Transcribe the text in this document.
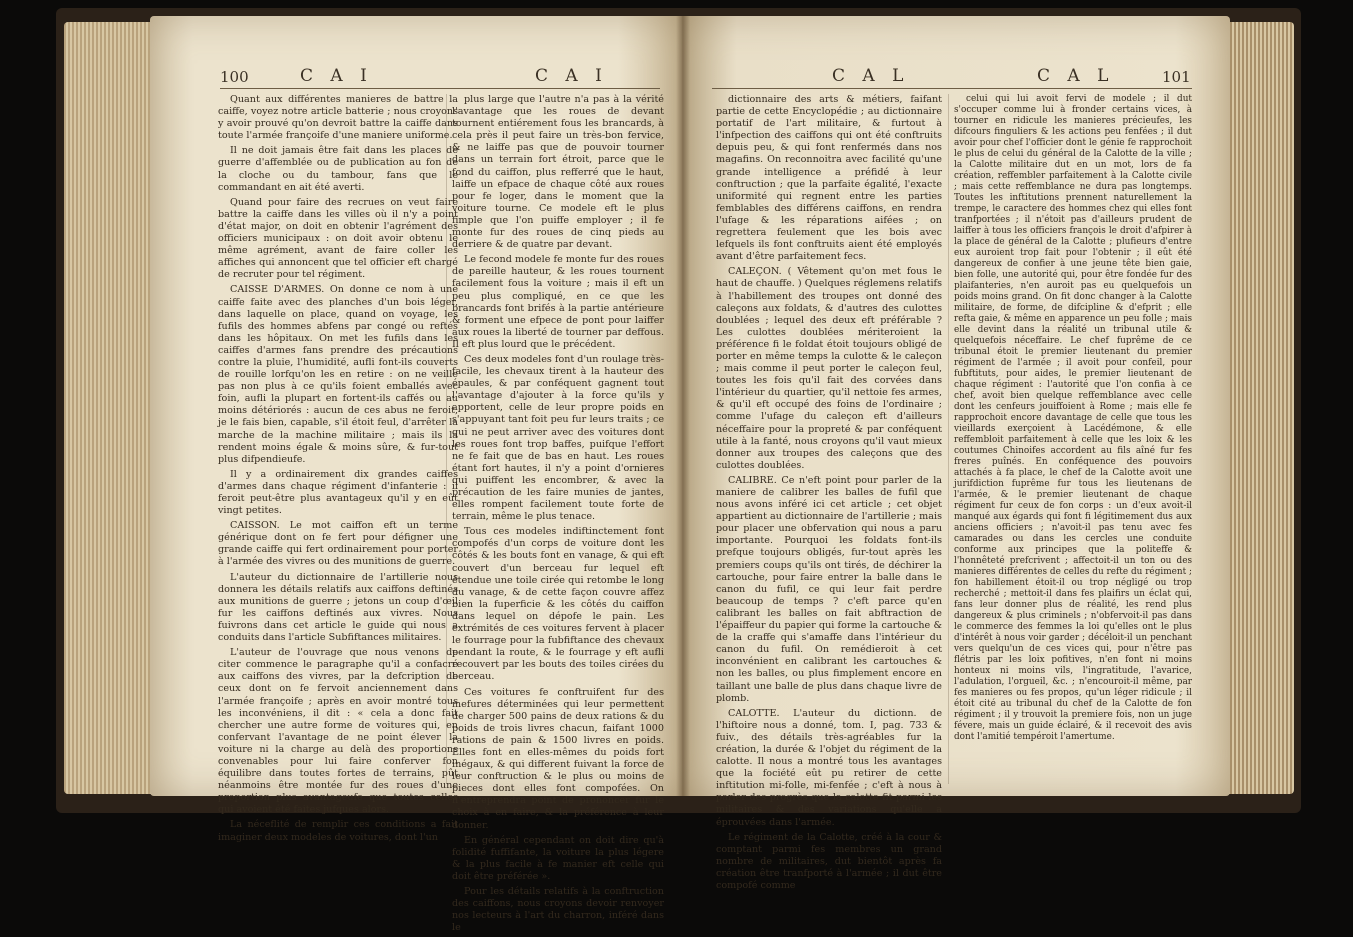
100	C A I	C A I

Quant aux différentes manieres de battre la caiffe, voyez notre article batterie ; nous croyons y avoir prouvé qu'on devroit battre la caiffe dans toute l'armée françoife d'une maniere uniforme.

Il ne doit jamais être fait dans les places de guerre d'affemblée ou de publication au fon de la cloche ou du tambour, fans que le commandant en ait été averti.

Quand pour faire des recrues on veut faire battre la caiffe dans les villes où il n'y a point d'état major, on doit en obtenir l'agrément des officiers municipaux : on doit avoir obtenu le même agrément, avant de faire coller les affiches qui annoncent que tel officier eft chargé de recruter pour tel régiment.

CAISSE D'ARMES. On donne ce nom à une caiffe faite avec des planches d'un bois léger, dans laquelle on place, quand on voyage, les fufils des hommes abfens par congé ou reftés dans les hôpitaux. On met les fufils dans les caiffes d'armes fans prendre des précautions contre la pluie, l'humidité, aufli font-ils couverts de rouille lorfqu'on les en retire : on ne veille pas non plus à ce qu'ils foient emballés avec foin, aufli la plupart en fortent-ils caffés ou au moins détériorés : aucun de ces abus ne feroit, je le fais bien, capable, s'il étoit feul, d'arrêter la marche de la machine militaire ; mais ils la rendent moins égale & moins sûre, & fur-tout plus difpendieufe.

Il y a ordinairement dix grandes caiffes d'armes dans chaque régiment d'infanterie : il feroit peut-être plus avantageux qu'il y en eût vingt petites.

CAISSON. Le mot caiffon eft un terme générique dont on fe fert pour défigner une grande caiffe qui fert ordinairement pour porter à l'armée des vivres ou des munitions de guerre.

L'auteur du dictionnaire de l'artillerie nous donnera les détails relatifs aux caiffons deftinés aux munitions de guerre ; jetons un coup d'œil fur les caiffons deftinés aux vivres. Nous fuivrons dans cet article le guide qui nous a conduits dans l'article Subfiftances militaires.

L'auteur de l'ouvrage que nous venons de citer commence le paragraphe qu'il a confacré aux caiffons des vivres, par la defcription de ceux dont on fe fervoit anciennement dans l'armée françoife ; après en avoir montré tous les inconvéniens, il dit : « cela a donc fait chercher une autre forme de voitures qui, en confervant l'avantage de ne point élever la voiture ni la charge au delà des proportions convenables pour lui faire conferver fon équilibre dans toutes fortes de terrains, pût néanmoins être montée fur des roues d'une proportion plus avantageufe que toutes celles qui avoient été faites jufques alors.

La néceflité de remplir ces conditions a fait imaginer deux modeles de voitures, dont l'un

plus large que l'autre n'a pas à la vérité l'avantage que les roues de devant tournent entiérement fous les brancards, à cela près il peut faire un très-bon fervice, & ne laiffe pas que de pouvoir tourner dans un terrain fort étroit, parce que le fond du caiffon, plus refferré que le haut, laiffe un efpace de chaque côté aux roues pour fe loger, dans le moment que la voiture tourne. Ce modele eft le plus fimple que l'on puiffe employer ; il fe monte fur des roues de cinq pieds au derriere & de quatre par devant.

Le fecond modele fe monte fur des roues de pareille hauteur, & les roues tournent facilement fous la voiture ; mais il eft un peu plus compliqué, en ce que les brancards font brifés à la partie antérieure & forment une efpece de pont pour laiffer aux roues la liberté de tourner par deffous. Il eft plus lourd que le précédent.

Ces deux modeles font d'un roulage très-facile, les chevaux tirent à la hauteur des épaules, & par conféquent gagnent tout l'avantage d'ajouter à la force qu'ils y apportent, celle de leur propre poids en s'appuyant tant foit peu fur leurs traits ; ce qui ne peut arriver avec des voitures dont les roues font trop baffes, puifque l'effort ne fe fait que de bas en haut. Les roues étant fort hautes, il n'y a point d'ornieres qui puiffent les encombrer, & avec la précaution de les faire munies de jantes, elles rompent facilement toute forte de terrain, même le plus tenace.

Tous ces modeles indiftinctement font compofés d'un corps de voiture dont les côtés & les bouts font en vanage, & qui eft couvert d'un berceau fur lequel eft étendue une toile cirée qui retombe le long du vanage, & de cette façon couvre affez bien la fuperficie & les côtés du caiffon dans lequel on dépofe le pain. Les extrémités de ces voitures fervent à placer le fourrage pour la fubfiftance des chevaux pendant la route, & le fourrage y eft aufli recouvert par les bouts des toiles cirées du berceau.

Ces voitures fe conftruifent fur des mefures déterminées qui leur permettent de charger 500 pains de deux rations & du poids de trois livres chacun, faifant 1000 rations de pain & 1500 livres en poids. Elles font en elles-mêmes du poids fort inégaux, & qui different fuivant la force de leur conftruction & le plus ou moins de pieces dont elles font compofées. On n'entreprendra point de prononcer fur le choix à en faire, & la préférence à leur donner.

En général cependant on doit dire qu'à folidité fuffifante, la voiture la plus légere & la plus facile à fe manier eft celle qui doit être préférée ».

Pour les détails relatifs à la conftruction des caiffons, nous croyons devoir renvoyer nos lecteurs à l'art du charron, inféré dans le

C A L	C A L	101

dictionnaire des arts & métiers, faifant partie de cette Encyclopédie ; au dictionnaire portatif de l'art militaire, & furtout à l'infpection des caiffons qui ont été conftruits depuis peu, & qui font renfermés dans nos magafins. On reconnoitra avec facilité qu'une grande intelligence a préfidé à leur conftruction ; que la parfaite égalité, l'exacte uniformité qui regnent entre les parties femblables des différens caiffons, en rendra l'ufage & les réparations aifées ; on regrettera feulement que les bois avec lefquels ils font conftruits aient été employés avant d'être parfaitement fecs.

CALEÇON. ( Vêtement qu'on met fous le haut de chauffe. ) Quelques réglemens relatifs à l'habillement des troupes ont donné des caleçons aux foldats, & d'autres des culottes doublées ; lequel des deux eft préférable ? Les culottes doublées mériteroient la préférence fi le foldat étoit toujours obligé de porter en même temps la culotte & le caleçon ; mais comme il peut porter le caleçon feul, toutes les fois qu'il fait des corvées dans l'intérieur du quartier, qu'il nettoie fes armes, & qu'il eft occupé des foins de l'ordinaire ; comme l'ufage du caleçon eft d'ailleurs néceffaire pour la propreté & par conféquent utile à la fanté, nous croyons qu'il vaut mieux donner aux troupes des caleçons que des culottes doublées.

CALIBRE. Ce n'eft point pour parler de la maniere de calibrer les balles de fufil que nous avons inféré ici cet article ; cet objet appartient au dictionnaire de l'artillerie ; mais pour placer une obfervation qui nous a paru importante. Pourquoi les foldats font-ils prefque toujours obligés, fur-tout après les premiers coups qu'ils ont tirés, de déchirer la cartouche, pour faire entrer la balle dans le canon du fufil, ce qui leur fait perdre beaucoup de temps ? c'eft parce qu'en calibrant les balles on fait abftraction de l'épaiffeur du papier qui forme la cartouche & de la craffe qui s'amaffe dans l'intérieur du canon du fufil. On remédieroit à cet inconvénient en calibrant les cartouches & non les balles, ou plus fimplement encore en taillant une balle de plus dans chaque livre de plomb.

CALOTTE. L'auteur du dictionn. de l'hiftoire nous a donné, tom. I, pag. 733 & fuiv., des détails très-agréables fur la création, la durée & l'objet du régiment de la calotte. Il nous a montré tous les avantages que la fociété eût pu retirer de cette inftitution mi-folle, mi-fenfée ; c'eft à nous à parler des progrès que la calotte fit parmi les militaires & des variations qu'elle a éprouvées dans l'armée.

Le régiment de la Calotte, créé à la cour & comptant parmi fes membres un grand nombre de militaires, dut bientôt après fa création être tranfporté à l'armée ; il dut être compofé comme

celui qui lui avoit fervi de modele ; il dut s'occuper comme lui à fronder certains vices, à tourner en ridicule les manieres précieufes, les difcours finguliers & les actions peu fenfées ; il dut avoir pour chef l'officier dont le génie fe rapprochoit le plus de celui du général de la Calotte de la ville ; la Calotte militaire dut en un mot, lors de fa création, reffembler parfaitement à la Calotte civile ; mais cette reffemblance ne dura pas longtemps. Toutes les inftitutions prennent naturellement la trempe, le caractere des hommes chez qui elles font tranfportées ; il n'étoit pas d'ailleurs prudent de laiffer à tous les officiers françois le droit d'afpirer à la place de général de la Calotte ; plufieurs d'entre eux auroient trop fait pour l'obtenir ; il eût été dangereux de confier à une jeune tête bien gaie, bien folle, une autorité qui, pour être fondée fur des plaifanteries, n'en auroit pas eu quelquefois un poids moins grand. On fit donc changer à la Calotte militaire, de forme, de difcipline & d'efprit ; elle refta gaie, & même en apparence un peu folle ; mais elle devint dans la réalité un tribunal utile & quelquefois néceffaire. Le chef fuprême de ce tribunal étoit le premier lieutenant du premier régiment de l'armée ; il avoit pour confeil, pour fubftituts, pour aides, le premier lieutenant de chaque régiment : l'autorité que l'on confia à ce chef, avoit bien quelque reffemblance avec celle dont les cenfeurs jouiffoient à Rome ; mais elle fe rapprochoit encore davantage de celle que tous les vieillards exerçoient à Lacédémone, & elle reffembloit parfaitement à celle que les loix & les coutumes Chinoifes accordent au fils aîné fur fes freres puînés. En conféquence des pouvoirs attachés à fa place, le chef de la Calotte avoit une jurifdiction fuprême fur tous les lieutenans de l'armée, & le premier lieutenant de chaque régiment fur ceux de fon corps : un d'eux avoit-il manqué aux égards qui font fi légitimement dus aux anciens officiers ; n'avoit-il pas tenu avec fes camarades ou dans les cercles une conduite conforme aux principes que la politeffe & l'honnêteté prefcrivent ; affectoit-il un ton ou des manieres différentes de celles du refte du régiment ; fon habillement étoit-il ou trop négligé ou trop recherché ; mettoit-il dans fes plaifirs un éclat qui, fans leur donner plus de réalité, les rend plus dangereux & plus criminels ; n'obfervoit-il pas dans le commerce des femmes la loi qu'elles ont le plus d'intérêt à nous voir garder ; décéloit-il un penchant vers quelqu'un de ces vices qui, pour n'être pas flétris par les loix pofitives, n'en font ni moins honteux ni moins vils, l'ingratitude, l'avarice, l'adulation, l'orgueil, &c. ; n'encouroit-il même, par fes manieres ou fes propos, qu'un léger ridicule ; il étoit cité au tribunal du chef de la Calotte de fon régiment ; il y trouvoit la premiere fois, non un juge févere, mais un guide éclairé, & il recevoit des avis dont l'amitié tempéroit l'amertume.
